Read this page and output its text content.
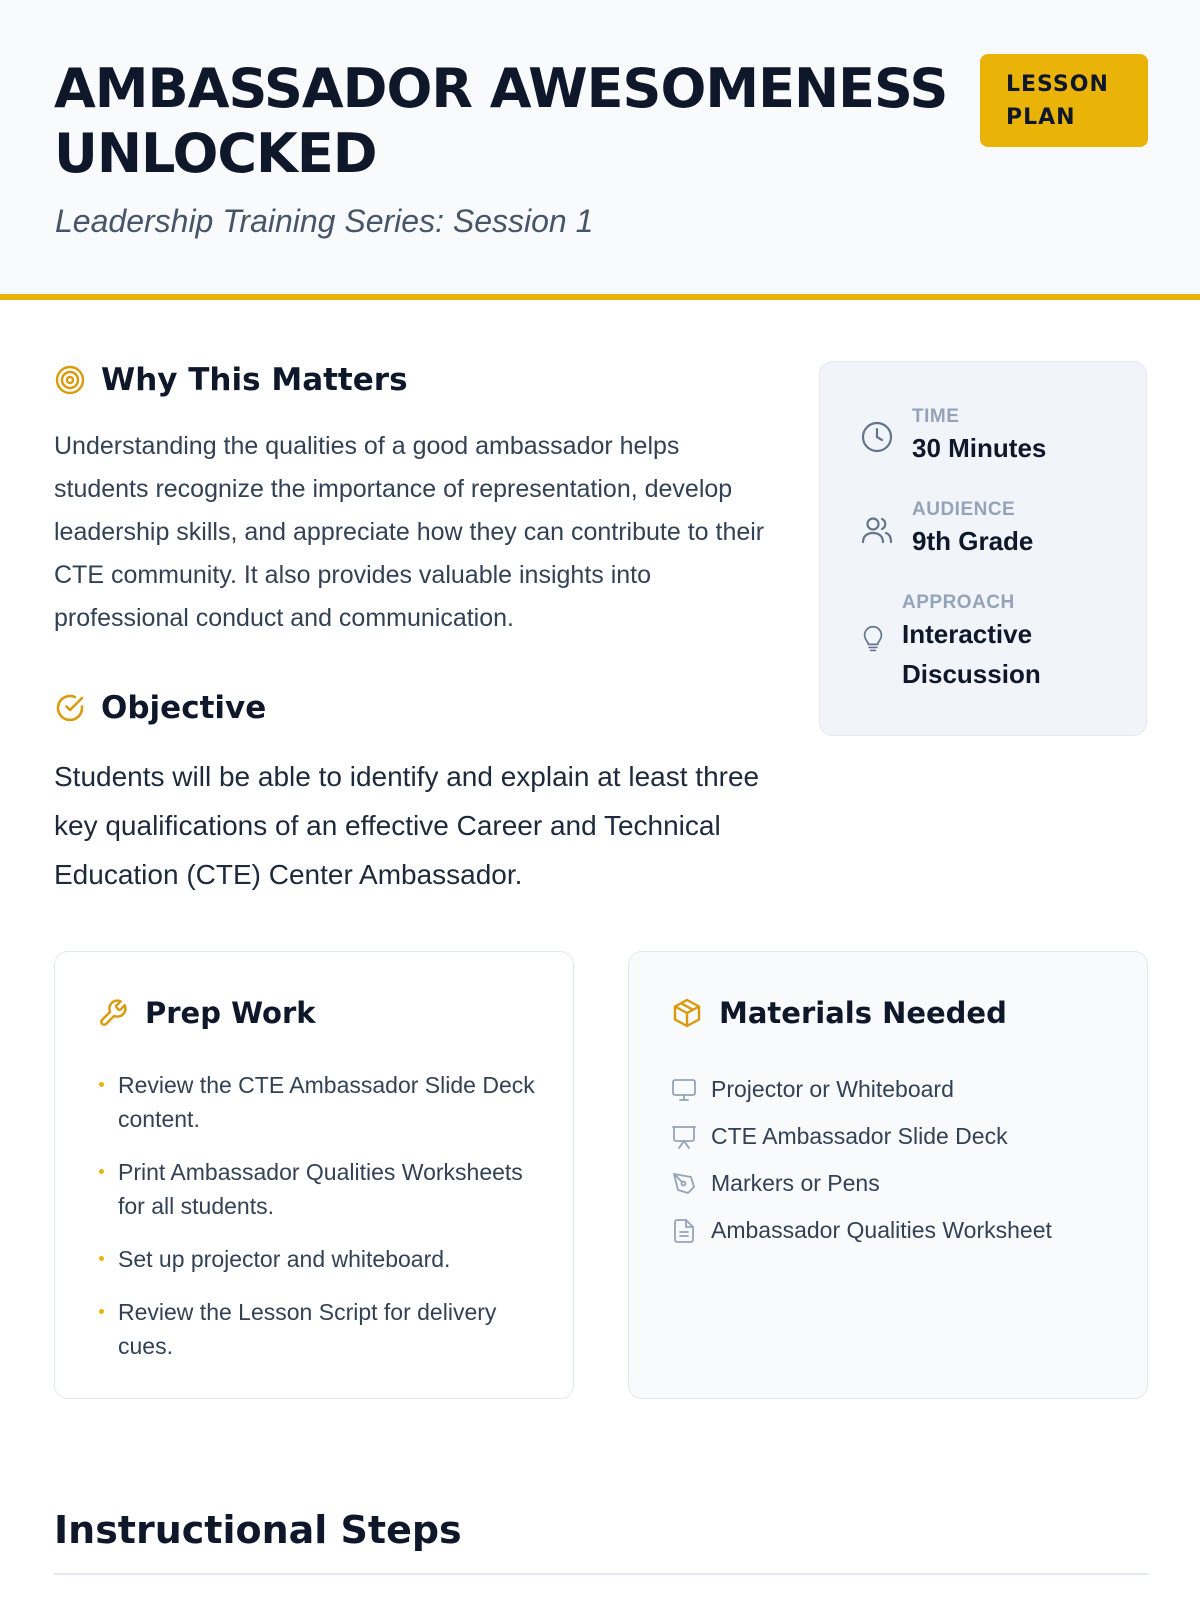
AMBASSADOR AWESOMENESS UNLOCKED
Leadership Training Series: Session 1
LESSON PLAN
Why This Matters

Understanding the qualities of a good ambassador helps students recognize the importance of representation, develop leadership skills, and appreciate how they can contribute to their CTE community. It also provides valuable insights into professional conduct and communication.

Objective

Students will be able to identify and explain at least three key qualifications of an effective Career and Technical Education (CTE) Center Ambassador.

TIME
30 Minutes
AUDIENCE
9th Grade
APPROACH
Interactive Discussion
Prep Work
Review the CTE Ambassador Slide Deck content.
Print Ambassador Qualities Worksheets for all students.
Set up projector and whiteboard.
Review the Lesson Script for delivery cues.
Materials Needed
Projector or Whiteboard
CTE Ambassador Slide Deck
Markers or Pens
Ambassador Qualities Worksheet
Instructional Steps
